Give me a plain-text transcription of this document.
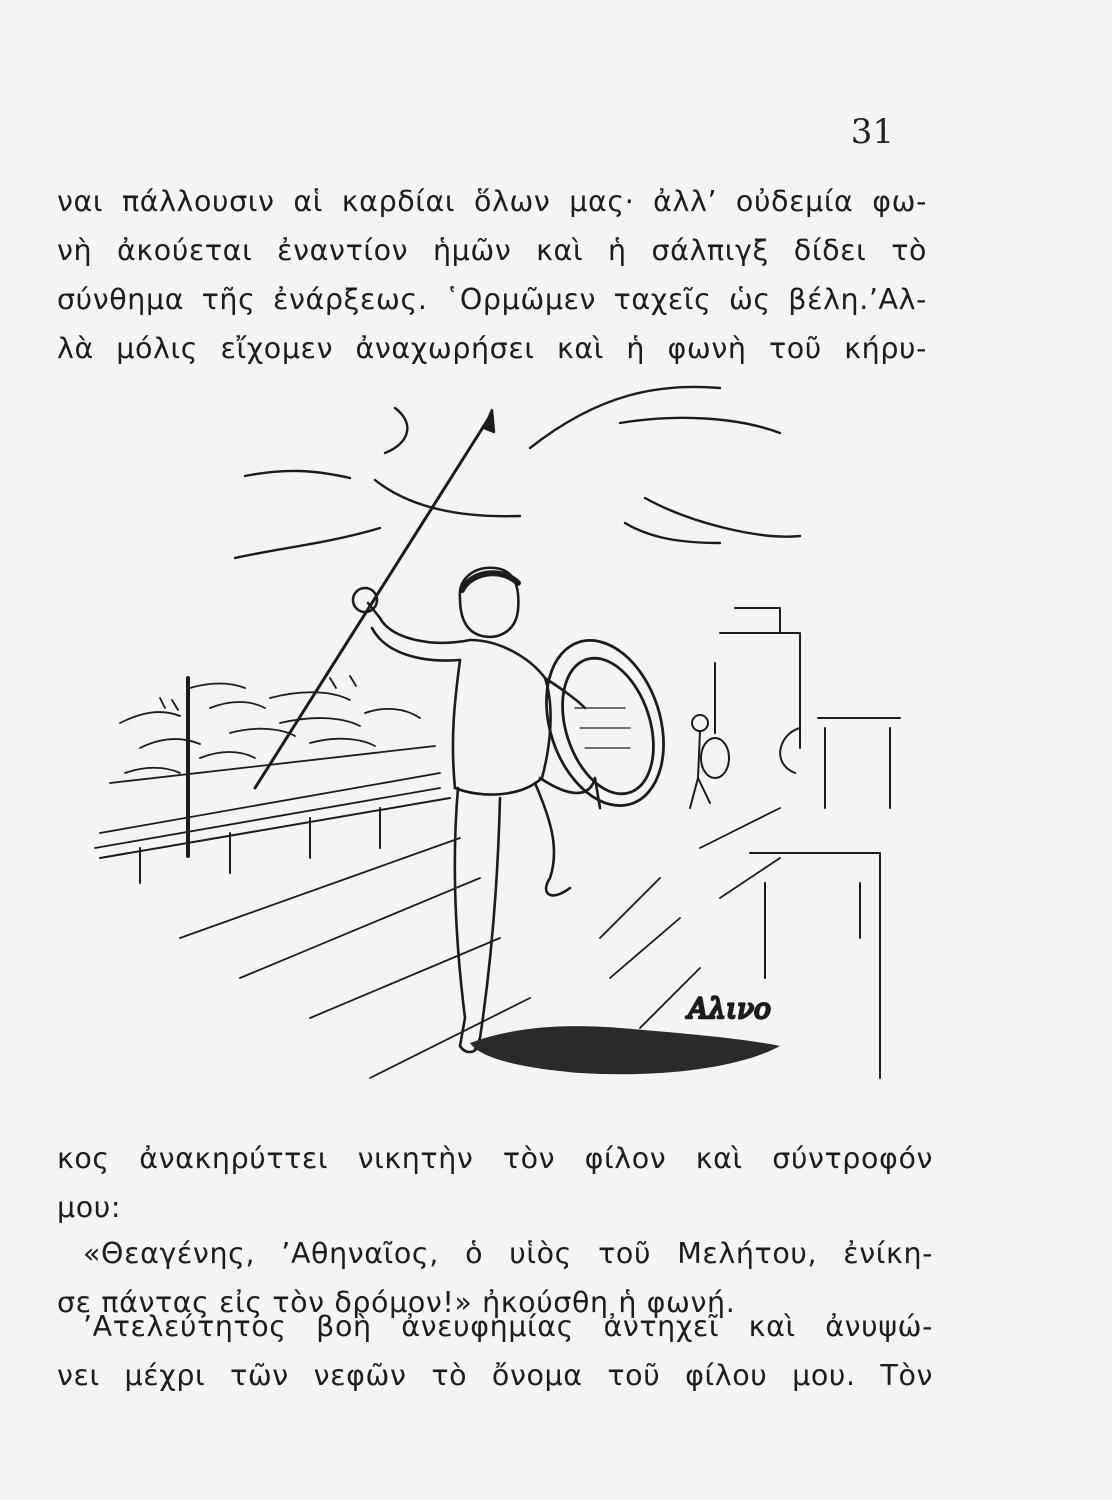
31

ναι πάλλουσιν αἱ καρδίαι ὅλων μας· ἀλλ’ οὐδεμία φω-
νὴ ἀκούεται ἐναντίον ἡμῶν καὶ ἡ σάλπιγξ δίδει τὸ
σύνθημα τῆς ἐνάρξεως. ῾Ορμῶμεν ταχεῖς ὡς βέλη.’Αλ-
λὰ μόλις εἴχομεν ἀναχωρήσει καὶ ἡ φωνὴ τοῦ κήρυ-

Αλινο

κος ἀνακηρύττει νικητὴν τὸν φίλον καὶ σύντροφόν
μου:

«Θεαγένης, ’Αθηναῖος, ὁ υἱὸς τοῦ Μελήτου, ἐνίκη-
σε πάντας εἰς τὸν δρόμον!» ἠκούσθη ἡ φωνή.

’Ατελεύτητος βοὴ ἀνευφημίας ἀντηχεῖ καὶ ἀνυψώ-
νει μέχρι τῶν νεφῶν τὸ ὄνομα τοῦ φίλου μου. Τὸν
